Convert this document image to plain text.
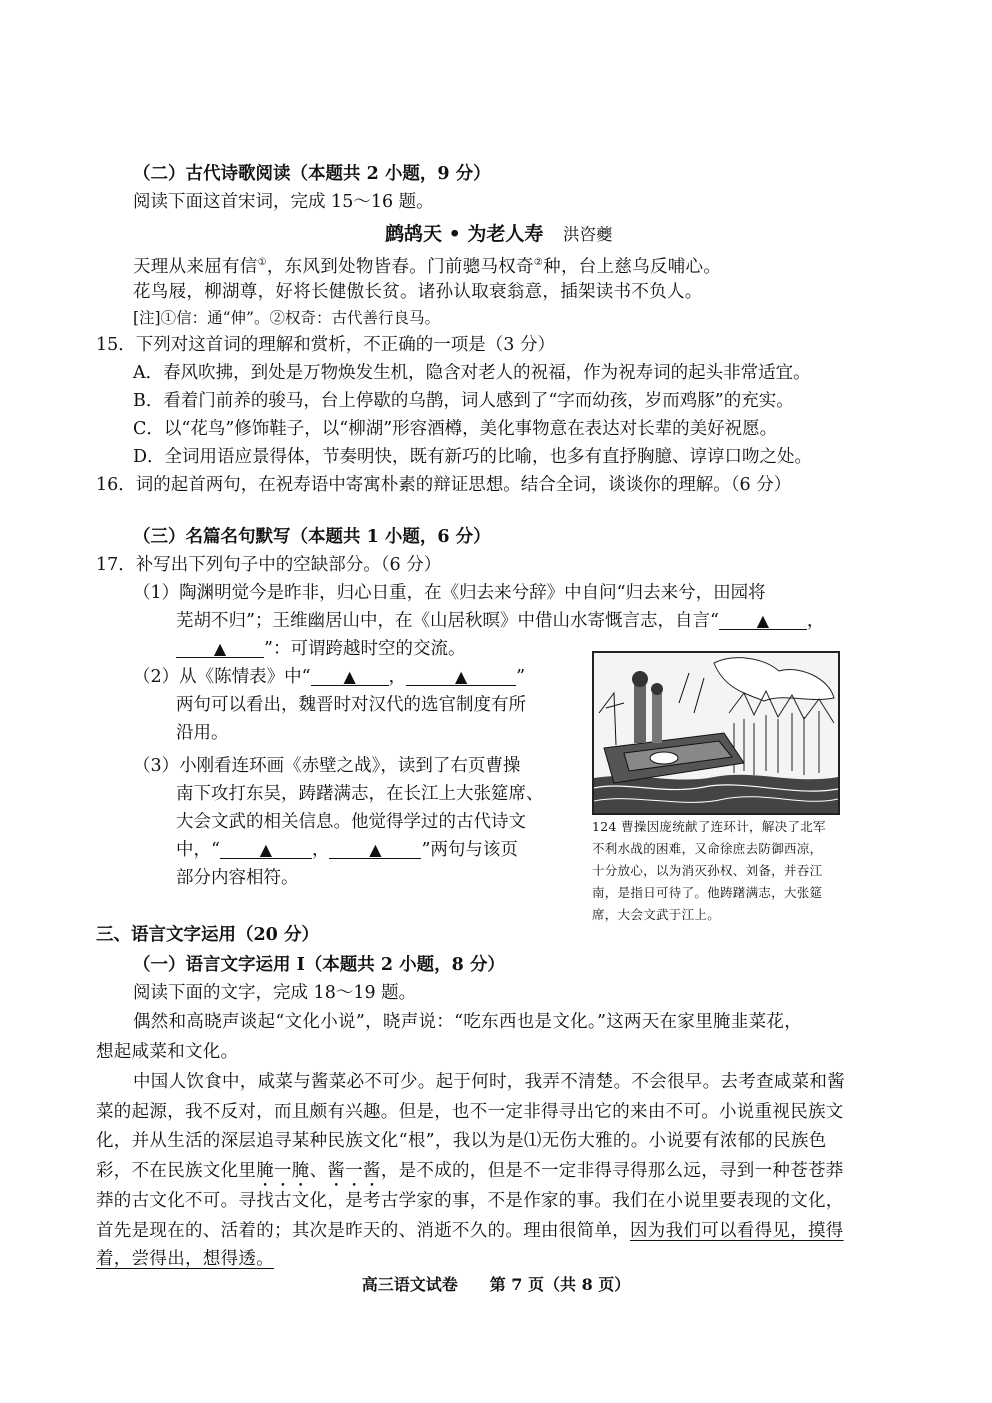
（二）古代诗歌阅读（本题共 2 小题，9 分）
阅读下面这首宋词，完成 15～16 题。
鹧鸪天 • 为老人寿 洪咨夔
天理从来屈有信①，东风到处物皆春。门前骢马权奇②种，台上慈乌反哺心。
花鸟屐，柳湖尊，好将长健傲长贫。诸孙认取衰翁意，插架读书不负人。
[注]①信：通“伸”。②权奇：古代善行良马。
15．下列对这首词的理解和赏析，不正确的一项是（3 分）
A．春风吹拂，到处是万物焕发生机，隐含对老人的祝福，作为祝寿词的起头非常适宜。
B．看着门前养的骏马，台上停歇的乌鹊，词人感到了“字而幼孩，岁而鸡豚”的充实。
C．以“花鸟”修饰鞋子，以“柳湖”形容酒樽，美化事物意在表达对长辈的美好祝愿。
D．全词用语应景得体，节奏明快，既有新巧的比喻，也多有直抒胸臆、谆谆口吻之处。
16．词的起首两句，在祝寿语中寄寓朴素的辩证思想。结合全词，谈谈你的理解。（6 分）
（三）名篇名句默写（本题共 1 小题，6 分）
17．补写出下列句子中的空缺部分。（6 分）
（1）陶渊明觉今是昨非，归心日重，在《归去来兮辞》中自问“归去来兮，田园将
芜胡不归”；王维幽居山中，在《山居秋暝》中借山水寄慨言志，自言“ ▲ ，
▲ ”：可谓跨越时空的交流。
（2）从《陈情表》中“ ▲ ，	▲	”
两句可以看出，魏晋时对汉代的选官制度有所
沿用。
（3）小刚看连环画《赤壁之战》，读到了右页曹操
南下攻打东吴，踌躇满志，在长江上大张筵席、
大会文武的相关信息。他觉得学过的古代诗文
中，“ ▲ ， ▲ ”两句与该页
部分内容相符。
124 曹操因庞统献了连环计，解决了北军
不利水战的困难，又命徐庶去防御西凉，
十分放心，以为消灭孙权、刘备，并吞江
南，是指日可待了。他踌躇满志，大张筵
席，大会文武于江上。
三、语言文字运用（20 分）
（一）语言文字运用 I（本题共 2 小题，8 分）
阅读下面的文字，完成 18～19 题。
偶然和高晓声谈起“文化小说”，晓声说：“吃东西也是文化。”这两天在家里腌韭菜花，
想起咸菜和文化。
中国人饮食中，咸菜与酱菜必不可少。起于何时，我弄不清楚。不会很早。去考查咸菜和酱
菜的起源，我不反对，而且颇有兴趣。但是，也不一定非得寻出它的来由不可。小说重视民族文
化，并从生活的深层追寻某种民族文化“根”，我以为是⑴无伤大雅的。小说要有浓郁的民族色
彩，不在民族文化里腌一腌、酱一酱，是不成的，但是不一定非得寻得那么远，寻到一种苍苍莽
莽的古文化不可。寻找古文化，是考古学家的事，不是作家的事。我们在小说里要表现的文化，
首先是现在的、活着的；其次是昨天的、消逝不久的。理由很简单，因为我们可以看得见，摸得
着，尝得出，想得透。
高三语文试卷　　第 7 页（共 8 页）
